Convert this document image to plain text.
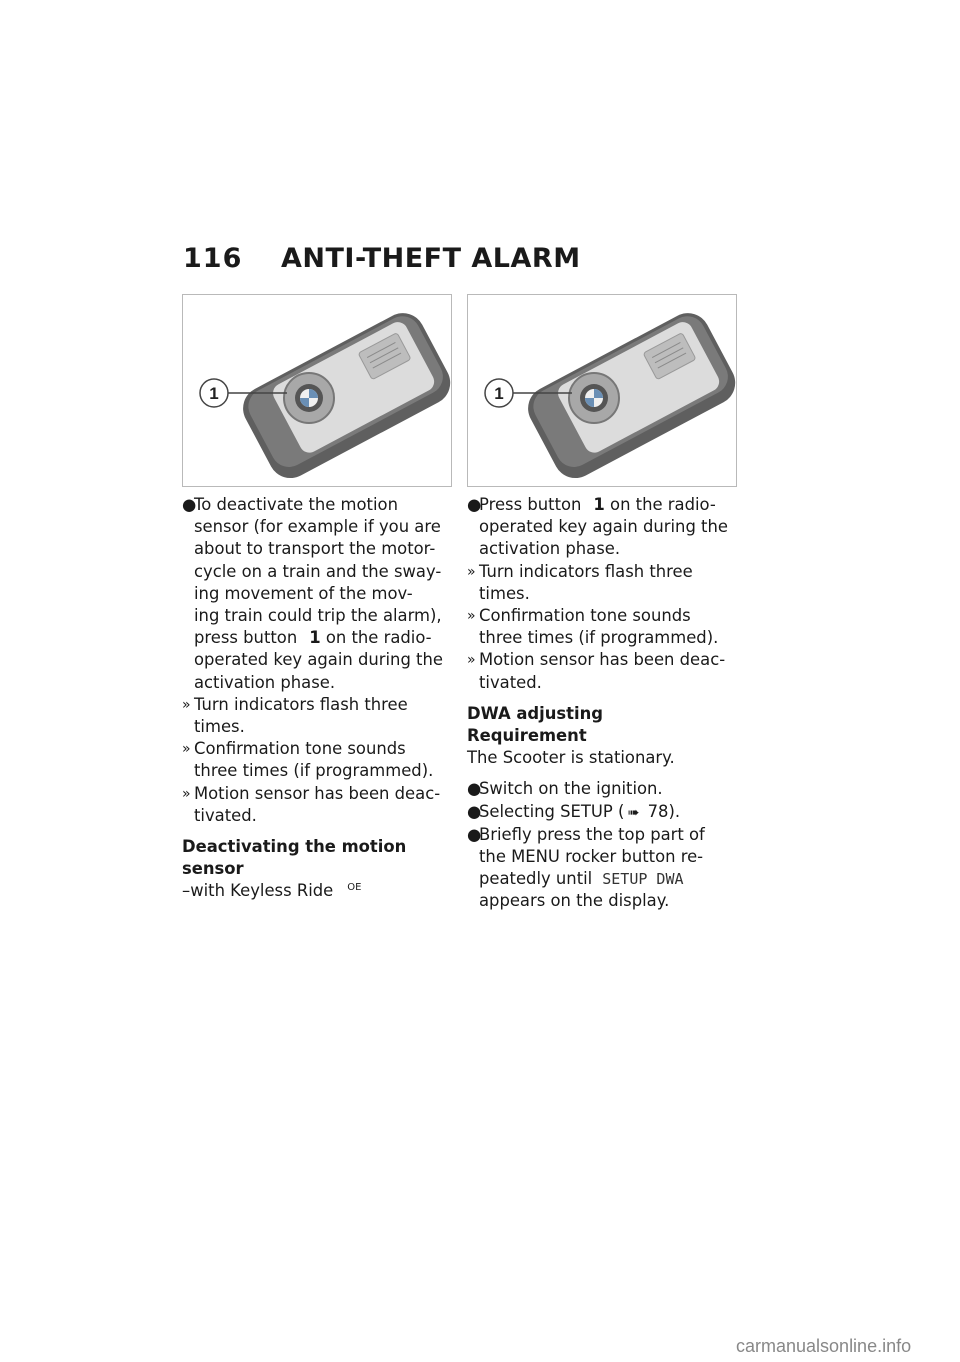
116	ANTI-THEFT ALARM
1
●
To deactivate the motion
sensor (for example if you are
about to transport the motor-
cycle on a train and the sway-
ing movement of the mov-
ing train could trip the alarm),
press button 1 on the radio-
operated key again during the
activation phase.
» Turn indicators flash three
times.
» Confirmation tone sounds
three times (if programmed).
» Motion sensor has been deac-
tivated.
Deactivating the motion
sensor
–with Keyless Ride $^{OE}$
1
●
Press button 1 on the radio-
operated key again during the
activation phase.
» Turn indicators flash three
times.
» Confirmation tone sounds
three times (if programmed).
» Motion sensor has been deac-
tivated.
DWA adjusting
Requirement
The Scooter is stationary.
●
Switch on the ignition.
●
Selecting SETUP ( ➠ 78).
●
Briefly press the top part of
the MENU rocker button re-
peatedly until SETUP DWA
appears on the display.
carmanualsonline.info
